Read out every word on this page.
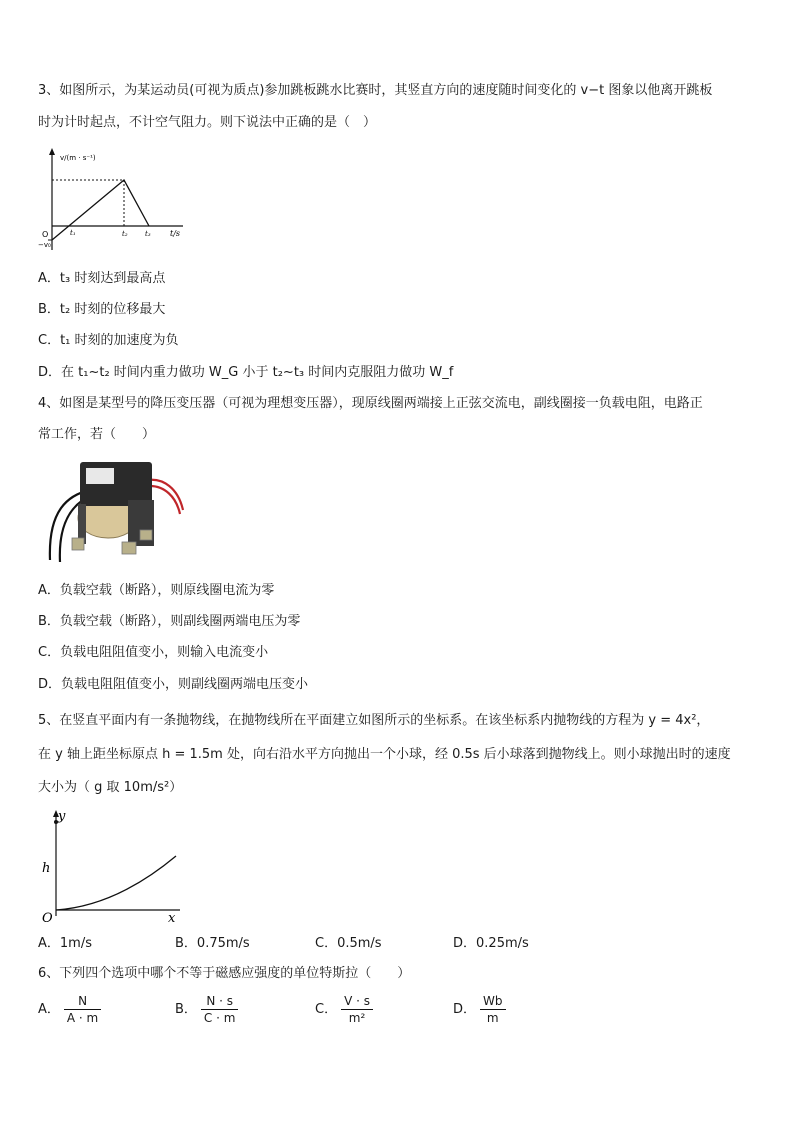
3、如图所示，为某运动员(可视为质点)参加跳板跳水比赛时，其竖直方向的速度随时间变化的 v−t 图象以他离开跳板
时为计时起点，不计空气阻力。则下说法中正确的是（　）
v/(m · s⁻¹)
t/s
O
−v₀
t₁	t₂ t₃
A．t₃ 时刻达到最高点
B．t₂ 时刻的位移最大
C．t₁ 时刻的加速度为负
D．在 t₁~t₂ 时间内重力做功 W_G 小于 t₂~t₃ 时间内克服阻力做功 W_f
4、如图是某型号的降压变压器（可视为理想变压器），现原线圈两端接上正弦交流电，副线圈接一负载电阻，电路正
常工作，若（　　）
A．负载空载（断路），则原线圈电流为零
B．负载空载（断路），则副线圈两端电压为零
C．负载电阻阻值变小，则输入电流变小
D．负载电阻阻值变小，则副线圈两端电压变小
5、在竖直平面内有一条抛物线，在抛物线所在平面建立如图所示的坐标系。在该坐标系内抛物线的方程为 y = 4x²，
在 y 轴上距坐标原点 h = 1.5m 处，向右沿水平方向抛出一个小球，经 0.5s 后小球落到抛物线上。则小球抛出时的速度
大小为（ g 取 10m/s²）
y
x
h
O
A．1m/s	B．0.75m/s	C．0.5m/s	D．0.25m/s
6、下列四个选项中哪个不等于磁感应强度的单位特斯拉（　　）
A． $\frac{N}{A \cdot m}$	B． $\frac{N \cdot s}{C \cdot m}$	C． $\frac{V \cdot s}{\text{m²}}$	D． $\frac{Wb}{m}$
